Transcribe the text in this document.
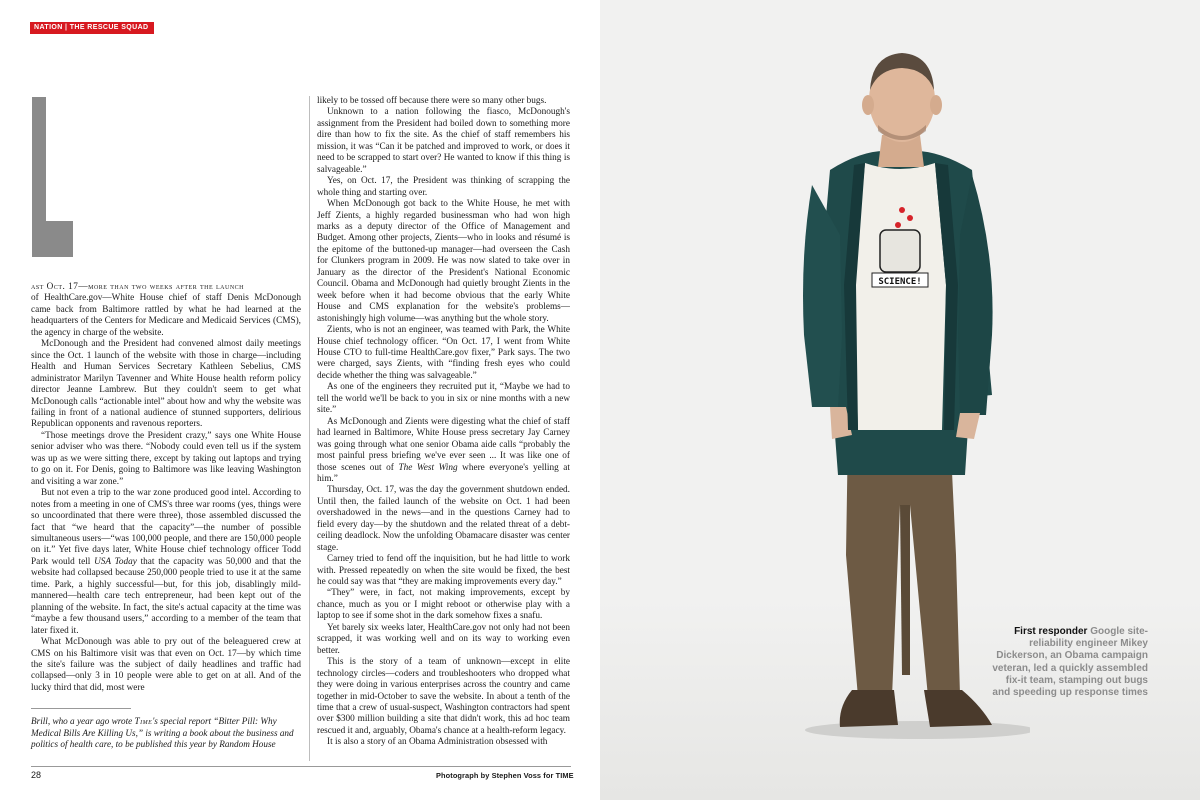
NATION | THE RESCUE SQUAD

ast Oct. 17—more than two weeks after the launch
of HealthCare.gov—White House chief of staff Denis McDonough came back from Baltimore rattled by what he had learned at the headquarters of the Centers for Medicare and Medicaid Services (CMS), the agency in charge of the website.

McDonough and the President had convened almost daily meetings since the Oct. 1 launch of the website with those in charge—including Health and Human Services Secretary Kathleen Sebelius, CMS administrator Marilyn Tavenner and White House health reform policy director Jeanne Lambrew. But they couldn't seem to get what McDonough calls “actionable intel” about how and why the website was failing in front of a national audience of stunned supporters, delirious Republican opponents and ravenous reporters.

“Those meetings drove the President crazy,” says one White House senior adviser who was there. “Nobody could even tell us if the system was up as we were sitting there, except by taking out laptops and trying to go on it. For Denis, going to Baltimore was like leaving Washington and visiting a war zone.”

But not even a trip to the war zone produced good intel. According to notes from a meeting in one of CMS's three war rooms (yes, things were so uncoordinated that there were three), those assembled discussed the fact that “we heard that the capacity”—the number of possible simultaneous users—“was 100,000 people, and there are 150,000 people on it.” Yet five days later, White House chief technology officer Todd Park would tell USA Today that the capacity was 50,000 and that the website had collapsed because 250,000 people tried to use it at the same time. Park, a highly successful—but, for this job, disablingly mild-mannered—health care tech entrepreneur, had been kept out of the planning of the website. In fact, the site's actual capacity at the time was “maybe a few thousand users,” according to a member of the team that later fixed it.

What McDonough was able to pry out of the beleaguered crew at CMS on his Baltimore visit was that even on Oct. 17—by which time the site's failure was the subject of daily headlines and traffic had collapsed—only 3 in 10 people were able to get on at all. And of the lucky third that did, most were

Brill, who a year ago wrote Time's special report “Bitter Pill: Why Medical Bills Are Killing Us,” is writing a book about the business and politics of health care, to be published this year by Random House

likely to be tossed off because there were so many other bugs.

Unknown to a nation following the fiasco, McDonough's assignment from the President had boiled down to something more dire than how to fix the site. As the chief of staff remembers his mission, it was “Can it be patched and improved to work, or does it need to be scrapped to start over? He wanted to know if this thing is salvageable.”

Yes, on Oct. 17, the President was thinking of scrapping the whole thing and starting over.

When McDonough got back to the White House, he met with Jeff Zients, a highly regarded businessman who had won high marks as a deputy director of the Office of Management and Budget. Among other projects, Zients—who in looks and résumé is the epitome of the buttoned-up manager—had overseen the Cash for Clunkers program in 2009. He was now slated to take over in January as the director of the President's National Economic Council. Obama and McDonough had quietly brought Zients in the week before when it had become obvious that the early White House and CMS explanation for the website's problems—astonishingly high volume—was anything but the whole story.

Zients, who is not an engineer, was teamed with Park, the White House chief technology officer. “On Oct. 17, I went from White House CTO to full-time HealthCare.gov fixer,” Park says. The two were charged, says Zients, with “finding fresh eyes who could decide whether the thing was salvageable.”

As one of the engineers they recruited put it, “Maybe we had to tell the world we'll be back to you in six or nine months with a new site.”

As McDonough and Zients were digesting what the chief of staff had learned in Baltimore, White House press secretary Jay Carney was going through what one senior Obama aide calls “probably the most painful press briefing we've ever seen ... It was like one of those scenes out of The West Wing where everyone's yelling at him.”

Thursday, Oct. 17, was the day the government shutdown ended. Until then, the failed launch of the website on Oct. 1 had been overshadowed in the news—and in the questions Carney had to field every day—by the shutdown and the related threat of a debt-ceiling deadlock. Now the unfolding Obamacare disaster was center stage.

Carney tried to fend off the inquisition, but he had little to work with. Pressed repeatedly on when the site would be fixed, the best he could say was that “they are making improvements every day.”

“They” were, in fact, not making improvements, except by chance, much as you or I might reboot or otherwise play with a laptop to see if some shot in the dark somehow fixes a snafu.

Yet barely six weeks later, HealthCare.gov not only had not been scrapped, it was working well and on its way to working even better.

This is the story of a team of unknown—except in elite technology circles—coders and troubleshooters who dropped what they were doing in various enterprises across the country and came together in mid-October to save the website. In about a tenth of the time that a crew of usual-suspect, Washington contractors had spent over $300 million building a site that didn't work, this ad hoc team rescued it and, arguably, Obama's chance at a health-reform legacy.

It is also a story of an Obama Administration obsessed with

28	Photograph by Stephen Voss for TIME
SCIENCE!
First responder Google site-reliability engineer Mikey Dickerson, an Obama campaign veteran, led a quickly assembled fix-it team, stamping out bugs and speeding up response times
